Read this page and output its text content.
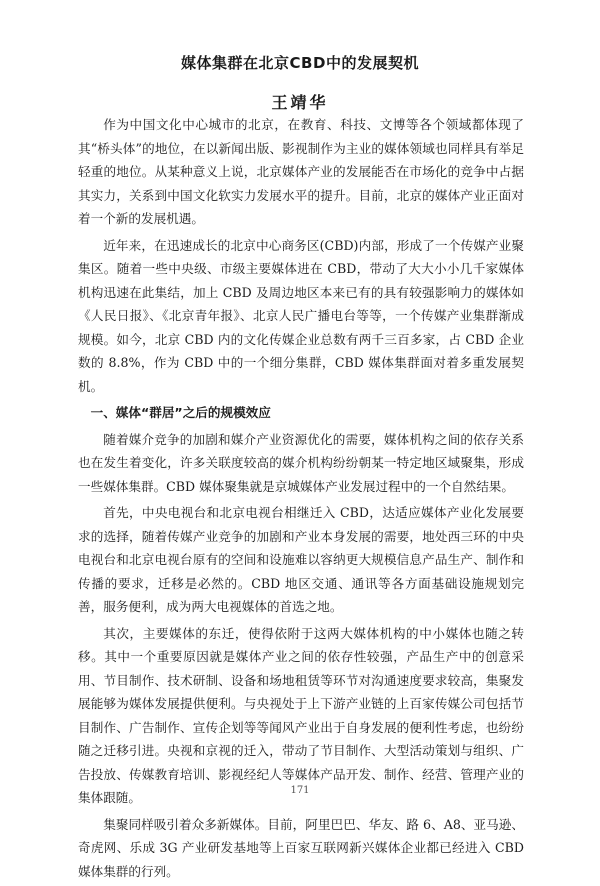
媒体集群在北京CBD中的发展契机
王靖华

作为中国文化中心城市的北京，在教育、科技、文博等各个领域都体现了其“桥头体”的地位，在以新闻出版、影视制作为主业的媒体领域也同样具有举足轻重的地位。从某种意义上说，北京媒体产业的发展能否在市场化的竞争中占据其实力，关系到中国文化软实力发展水平的提升。目前，北京的媒体产业正面对着一个新的发展机遇。

近年来，在迅速成长的北京中心商务区(CBD)内部，形成了一个传媒产业聚集区。随着一些中央级、市级主要媒体进在 CBD，带动了大大小小几千家媒体机构迅速在此集结，加上 CBD 及周边地区本来已有的具有较强影响力的媒体如《人民日报》、《北京青年报》、北京人民广播电台等等，一个传媒产业集群渐成规模。如今，北京 CBD 内的文化传媒企业总数有两千三百多家，占 CBD 企业数的 8.8%，作为 CBD 中的一个细分集群，CBD 媒体集群面对着多重发展契机。

一、媒体“群居”之后的规模效应

随着媒介竞争的加剧和媒介产业资源优化的需要，媒体机构之间的依存关系也在发生着变化，许多关联度较高的媒介机构纷纷朝某一特定地区域聚集，形成一些媒体集群。CBD 媒体聚集就是京城媒体产业发展过程中的一个自然结果。

首先，中央电视台和北京电视台相继迁入 CBD，达适应媒体产业化发展要求的选择，随着传媒产业竞争的加剧和产业本身发展的需要，地处西三环的中央电视台和北京电视台原有的空间和设施难以容纳更大规模信息产品生产、制作和传播的要求，迁移是必然的。CBD 地区交通、通讯等各方面基础设施规划完善，服务便利，成为两大电视媒体的首选之地。

其次，主要媒体的东迁，使得依附于这两大媒体机构的中小媒体也随之转移。其中一个重要原因就是媒体产业之间的依存性较强，产品生产中的创意采用、节目制作、技术研制、设备和场地租赁等环节对沟通速度要求较高，集聚发展能够为媒体发展提供便利。与央视处于上下游产业链的上百家传媒公司包括节目制作、广告制作、宣传企划等等闻风产业出于自身发展的便利性考虑，也纷纷随之迁移引进。央视和京视的迁入，带动了节目制作、大型活动策划与组织、广告投放、传媒教育培训、影视经纪人等媒体产品开发、制作、经营、管理产业的集体跟随。

集聚同样吸引着众多新媒体。目前，阿里巴巴、华友、路 6、A8、亚马逊、奇虎网、乐成 3G 产业研发基地等上百家互联网新兴媒体企业都已经进入 CBD 媒体集群的行列。

171
